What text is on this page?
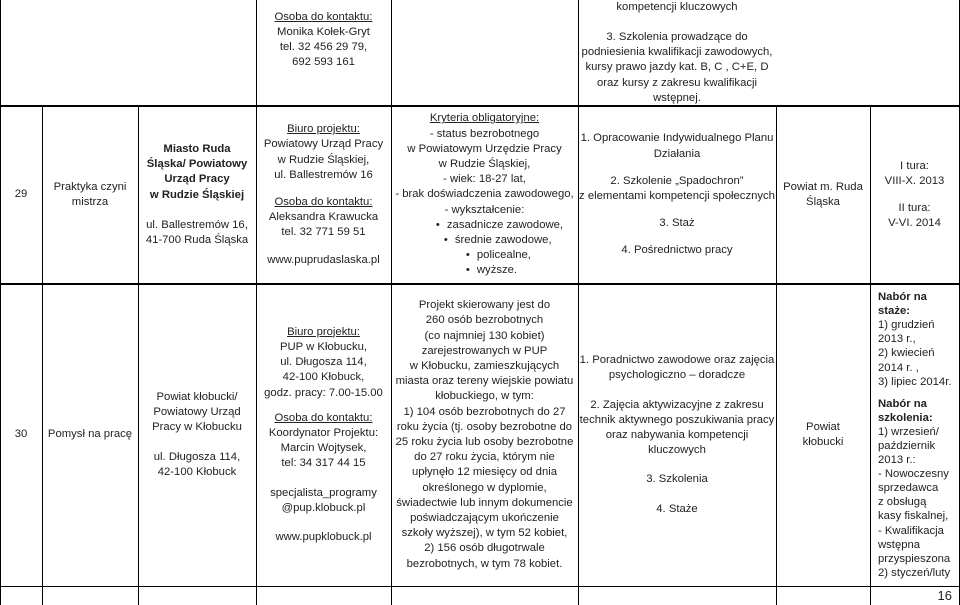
Osoba do kontaktu:
Monika Kołek-Gryt
tel. 32 456 29 79,
692 593 161
kompetencji kluczowych
3. Szkolenia prowadzące do
podniesienia kwalifikacji zawodowych,
kursy prawo jazdy kat. B, C , C+E, D
oraz kursy z zakresu kwalifikacji
wstępnej.
29
Praktyka czyni mistrza
Miasto Ruda
Śląska/ Powiatowy
Urząd Pracy
w Rudzie Śląskiej
ul. Ballestremów 16,
41-700 Ruda Śląska
Biuro projektu:
Powiatowy Urząd Pracy
w Rudzie Śląskiej,
ul. Ballestremów 16
Osoba do kontaktu:
Aleksandra Krawucka
tel. 32 771 59 51
www.puprudaslaska.pl
Kryteria obligatoryjne:
- status bezrobotnego
w Powiatowym Urzędzie Pracy
w Rudzie Śląskiej,
- wiek: 18-27 lat,
- brak doświadczenia zawodowego,
- wykształcenie:
• zasadnicze zawodowe,
• średnie zawodowe,
• policealne,
• wyższe.
1. Opracowanie Indywidualnego Planu
Działania
2. Szkolenie „Spadochron”
z elementami kompetencji społecznych
3. Staż
4. Pośrednictwo pracy
Powiat m. Ruda
Śląska
I tura:
VIII-X. 2013
II tura:
V-VI. 2014
30 Pomysł na pracę
Powiat kłobucki/
Powiatowy Urząd
Pracy w Kłobucku
ul. Długosza 114,
42-100 Kłobuck
Biuro projektu:
PUP w Kłobucku,
ul. Długosza 114,
42-100 Kłobuck,
godz. pracy: 7.00-15.00
Osoba do kontaktu:
Koordynator Projektu:
Marcin Wojtysek,
tel: 34 317 44 15
specjalista_programy
@pup.klobuck.pl
www.pupklobuck.pl
Projekt skierowany jest do
260 osób bezrobotnych
(co najmniej 130 kobiet)
zarejestrowanych w PUP
w Kłobucku, zamieszkujących
miasta oraz tereny wiejskie powiatu
kłobuckiego, w tym:
1) 104 osób bezrobotnych do 27
roku życia (tj. osoby bezrobotne do
25 roku życia lub osoby bezrobotne
do 27 roku życia, którym nie
upłynęło 12 miesięcy od dnia
określonego w dyplomie,
świadectwie lub innym dokumencie
poświadczającym ukończenie
szkoły wyższej), w tym 52 kobiet,
2) 156 osób długotrwale
bezrobotnych, w tym 78 kobiet.
1. Poradnictwo zawodowe oraz zajęcia
psychologiczno – doradcze
2. Zajęcia aktywizacyjne z zakresu
technik aktywnego poszukiwania pracy
oraz nabywania kompetencji
kluczowych
3. Szkolenia
4. Staże
Powiat
kłobucki
Nabór na
staże:
1) grudzień
2013 r.,
2) kwiecień
2014 r. ,
3) lipiec 2014r.
Nabór na
szkolenia:
1) wrzesień/
październik
2013 r.:
- Nowoczesny
sprzedawca
z obsługą
kasy fiskalnej,
- Kwalifikacja
wstępna
przyspieszona
2) styczeń/luty
16
